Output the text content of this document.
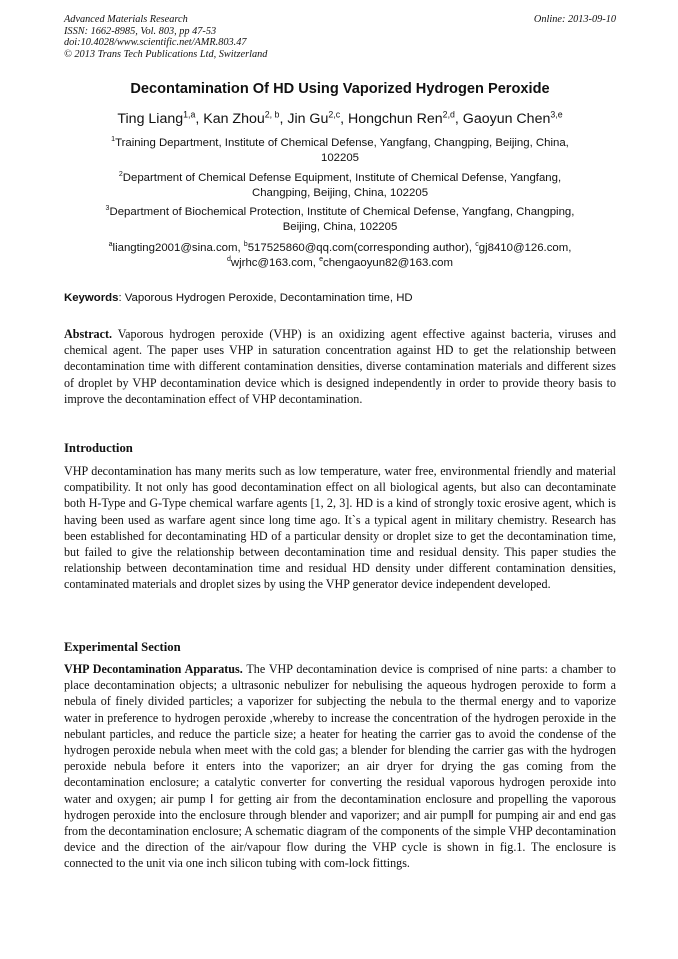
Advanced Materials Research
ISSN: 1662-8985, Vol. 803, pp 47-53
doi:10.4028/www.scientific.net/AMR.803.47
© 2013 Trans Tech Publications Ltd, Switzerland
Online: 2013-09-10
Decontamination Of HD Using Vaporized Hydrogen Peroxide
Ting Liang$^{1,a}$, Kan Zhou$^{2, b}$, Jin Gu$^{2,c}$, Hongchun Ren$^{2,d}$, Gaoyun Chen$^{3,e}$
$^1$Training Department, Institute of Chemical Defense, Yangfang, Changping, Beijing, China,
102205
$^2$Department of Chemical Defense Equipment, Institute of Chemical Defense, Yangfang,
Changping, Beijing, China, 102205
$^3$Department of Biochemical Protection, Institute of Chemical Defense, Yangfang, Changping,
Beijing, China, 102205
$^a$liangting2001@sina.com, $^b$517525860@qq.com(corresponding author), $^c$gj8410@126.com,
$^d$wjrhc@163.com, $^e$chengaoyun82@163.com
Keywords: Vaporous Hydrogen Peroxide, Decontamination time, HD
Abstract. Vaporous hydrogen peroxide (VHP) is an oxidizing agent effective against bacteria, viruses and chemical agent. The paper uses VHP in saturation concentration against HD to get the relationship between decontamination time with different contamination densities, diverse contamination materials and different sizes of droplet by VHP decontamination device which is designed independently in order to provide theory basis to improve the decontamination effect of VHP decontamination.
Introduction
VHP decontamination has many merits such as low temperature, water free, environmental friendly and material compatibility. It not only has good decontamination effect on all biological agents, but also can decontaminate both H-Type and G-Type chemical warfare agents [1, 2, 3]. HD is a kind of strongly toxic erosive agent, which is having been used as warfare agent since long time ago. It`s a typical agent in military chemistry. Research has been established for decontaminating HD of a particular density or droplet size to get the decontamination time, but failed to give the relationship between decontamination time and residual density. This paper studies the relationship between decontamination time and residual HD density under different contamination densities, contaminated materials and droplet sizes by using the VHP generator device independent developed.
Experimental Section
VHP Decontamination Apparatus. The VHP decontamination device is comprised of nine parts: a chamber to place decontamination objects; a ultrasonic nebulizer for nebulising the aqueous hydrogen peroxide to form a nebula of finely divided particles; a vaporizer for subjecting the nebula to the thermal energy and to vaporize water in preference to hydrogen peroxide ,whereby to increase the concentration of the hydrogen peroxide in the nebulant particles, and reduce the particle size; a heater for heating the carrier gas to avoid the condense of the hydrogen peroxide nebula when meet with the cold gas; a blender for blending the carrier gas with the hydrogen peroxide nebula before it enters into the vaporizer; an air dryer for drying the gas coming from the decontamination enclosure; a catalytic converter for converting the residual vaporous hydrogen peroxide into water and oxygen; air pump Ⅰ for getting air from the decontamination enclosure and propelling the vaporous hydrogen peroxide into the enclosure through blender and vaporizer; and air pumpⅡ for pumping air and end gas from the decontamination enclosure; A schematic diagram of the components of the simple VHP decontamination device and the direction of the air/vapour flow during the VHP cycle is shown in fig.1. The enclosure is connected to the unit via one inch silicon tubing with com-lock fittings.
